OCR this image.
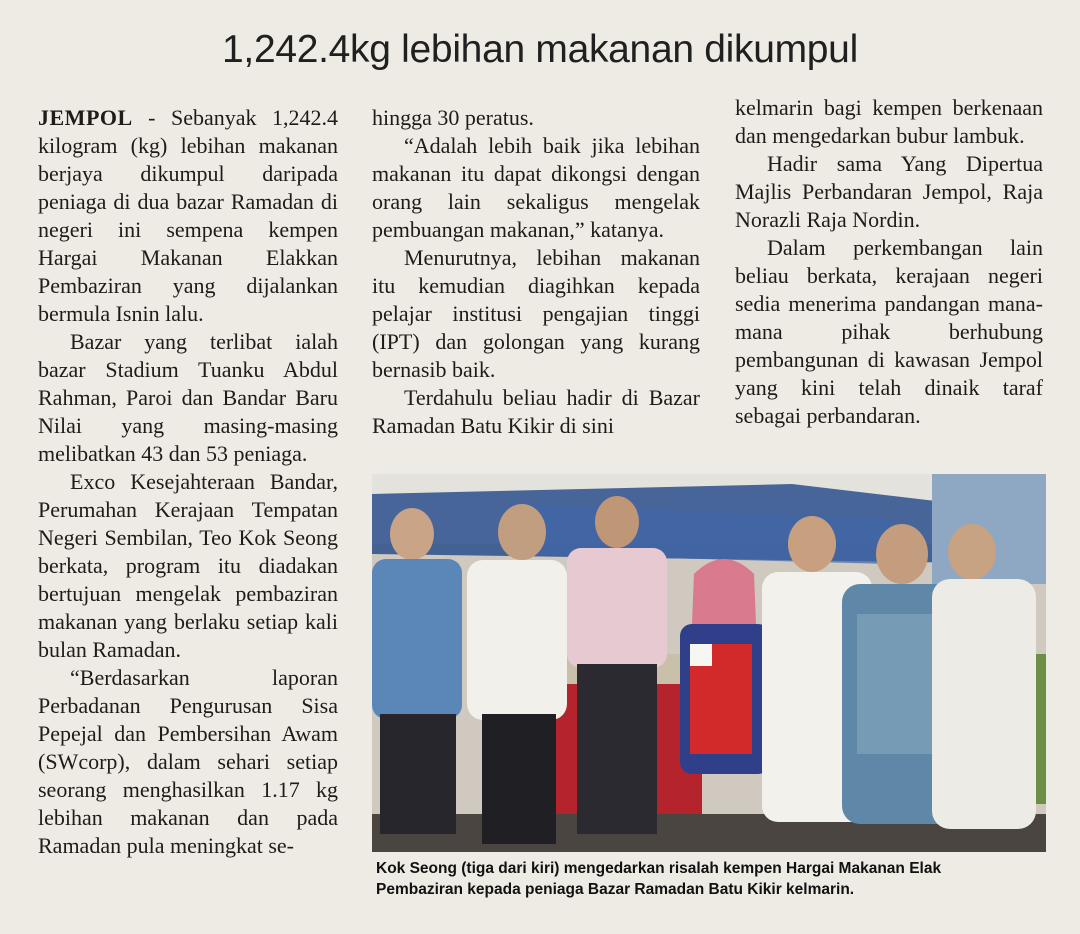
1,242.4kg lebihan makanan dikumpul

JEMPOL - Sebanyak 1,242.4 kilogram (kg) lebihan makanan berjaya dikumpul daripada peniaga di dua bazar Ramadan di negeri ini sempena kempen Hargai Makanan Elakkan Pembaziran yang dijalankan bermula Isnin lalu.

Bazar yang terlibat ialah bazar Stadium Tuanku Abdul Rahman, Paroi dan Bandar Baru Nilai yang masing-masing melibatkan 43 dan 53 peniaga.

Exco Kesejahteraan Bandar, Perumahan Kerajaan Tempatan Negeri Sembilan, Teo Kok Seong berkata, program itu diadakan bertujuan mengelak pembaziran makanan yang berlaku setiap kali bulan Ramadan.

“Berdasarkan laporan Perbadanan Pengurusan Sisa Pepejal dan Pembersihan Awam (SWcorp), dalam sehari setiap seorang menghasilkan 1.17 kg lebihan makanan dan pada Ramadan pula meningkat se-

hingga 30 peratus.

“Adalah lebih baik jika lebihan makanan itu dapat dikongsi dengan orang lain sekaligus mengelak pembuangan makanan,” katanya.

Menurutnya, lebihan makanan itu kemudian diagihkan kepada pelajar institusi pengajian tinggi (IPT) dan golongan yang kurang bernasib baik.

Terdahulu beliau hadir di Bazar Ramadan Batu Kikir di sini

kelmarin bagi kempen berkenaan dan mengedarkan bubur lambuk.

Hadir sama Yang Dipertua Majlis Perbandaran Jempol, Raja Norazli Raja Nordin.

Dalam perkembangan lain beliau berkata, kerajaan negeri sedia menerima pandangan mana-mana pihak berhubung pembangunan di kawasan Jempol yang kini telah dinaik taraf sebagai perbandaran.

Kok Seong (tiga dari kiri) mengedarkan risalah kempen Hargai Makanan Elak
Pembaziran kepada peniaga Bazar Ramadan Batu Kikir kelmarin.
